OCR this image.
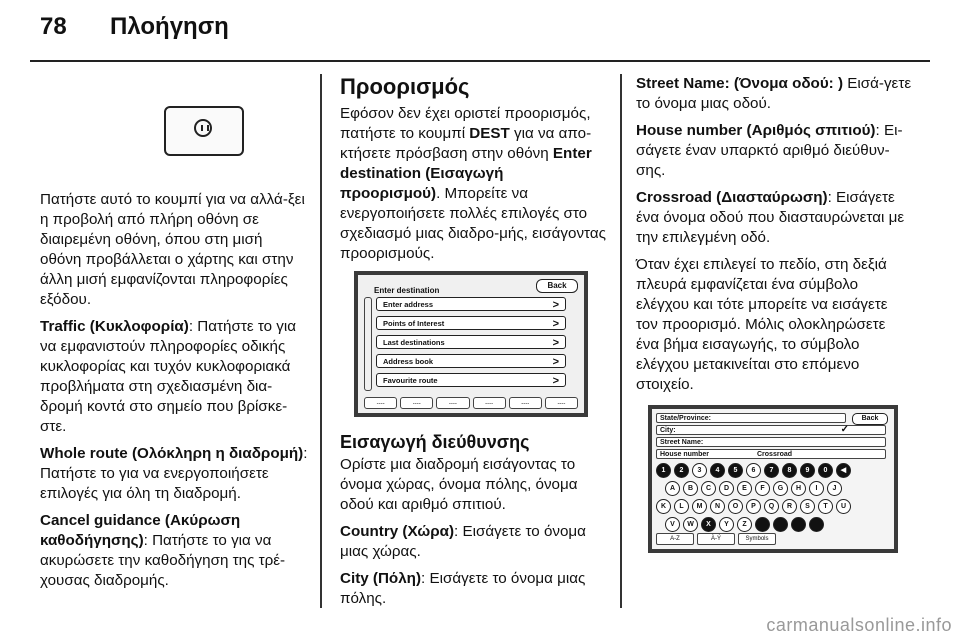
78 Πλοήγηση

Πατήστε αυτό το κουμπί για να αλλά-ξει η προβολή από πλήρη οθόνη σε διαιρεμένη οθόνη, όπου στη μισή οθόνη προβάλλεται ο χάρτης και στην άλλη μισή εμφανίζονται πληροφορίες εξόδου.

Traffic (Κυκλοφορία): Πατήστε το για να εμφανιστούν πληροφορίες οδικής κυκλοφορίας και τυχόν κυκλοφοριακά προβλήματα στη σχεδιασμένη δια-δρομή κοντά στο σημείο που βρίσκε-στε.

Whole route (Ολόκληρη η διαδρομή): Πατήστε το για να ενεργοποιήσετε επιλογές για όλη τη διαδρομή.

Cancel guidance (Ακύρωση καθοδήγησης): Πατήστε το για να ακυρώσετε την καθοδήγηση της τρέ-χουσας διαδρομής.

Προορισμός

Εφόσον δεν έχει οριστεί προορισμός, πατήστε το κουμπί DEST για να απο-κτήσετε πρόσβαση στην οθόνη Enter destination (Εισαγωγή προορισμού). Μπορείτε να ενεργοποιήσετε πολλές επιλογές στο σχεδιασμό μιας διαδρο-μής, εισάγοντας προορισμούς.

Enter destination
Back
Enter address	>
Points of Interest	>
Last destinations	>
Address book	>
Favourite route	>
----	----	----	----	----	----
Εισαγωγή διεύθυνσης

Ορίστε μια διαδρομή εισάγοντας το όνομα χώρας, όνομα πόλης, όνομα οδού και αριθμό σπιτιού.

Country (Χώρα): Εισάγετε το όνομα μιας χώρας.

City (Πόλη): Εισάγετε το όνομα μιας πόλης.

Street Name: (Όνομα οδού: ) Εισά-γετε το όνομα μιας οδού.

House number (Αριθμός σπιτιού): Ει-σάγετε έναν υπαρκτό αριθμό διεύθυν-σης.

Crossroad (Διασταύρωση): Εισάγετε ένα όνομα οδού που διασταυρώνεται με την επιλεγμένη οδό.

Όταν έχει επιλεγεί το πεδίο, στη δεξιά πλευρά εμφανίζεται ένα σύμβολο ελέγχου και τότε μπορείτε να εισάγετε τον προορισμό. Μόλις ολοκληρώσετε ένα βήμα εισαγωγής, το σύμβολο ελέγχου μετακινείται στο επόμενο στοιχείο.

State/Province:	Back
City:	✓
Street Name:
House number	Crossroad
1	2	3	4	5	6	7	8	9	0	◀
A	B	C	D	E	F	G	H	I	J
K	L	M	N	O	P	Q	R	S	T	U
V	W	X	Y	Z
A-Z	À-Ý	Symbols
carmanualsonline.info
